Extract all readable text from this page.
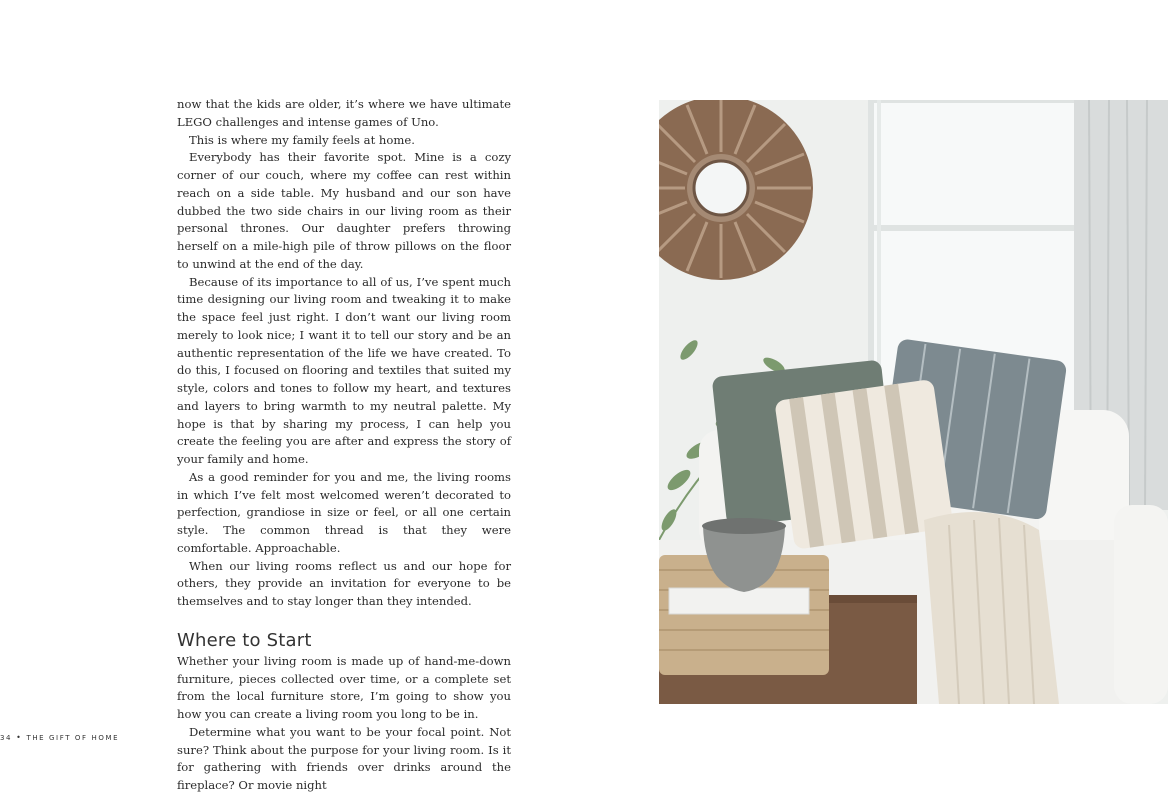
now that the kids are older, it’s where we have ultimate LEGO challenges and intense games of Uno.

This is where my family feels at home.

Everybody has their favorite spot. Mine is a cozy corner of our couch, where my coffee can rest within reach on a side table. My husband and our son have dubbed the two side chairs in our living room as their personal thrones. Our daughter prefers throwing herself on a mile-high pile of throw pillows on the floor to unwind at the end of the day.

Because of its importance to all of us, I’ve spent much time designing our living room and tweaking it to make the space feel just right. I don’t want our living room merely to look nice; I want it to tell our story and be an authentic representation of the life we have created. To do this, I focused on flooring and textiles that suited my style, colors and tones to follow my heart, and textures and layers to bring warmth to my neutral palette. My hope is that by sharing my process, I can help you create the feeling you are after and express the story of your family and home.

As a good reminder for you and me, the living rooms in which I’ve felt most welcomed weren’t decorated to perfection, grandiose in size or feel, or all one certain style. The common thread is that they were comfortable. Approachable.

When our living rooms reflect us and our hope for others, they provide an invitation for everyone to be themselves and to stay longer than they intended.

Where to Start

Whether your living room is made up of hand-me-down furniture, pieces collected over time, or a complete set from the local furniture store, I’m going to show you how you can create a living room you long to be in.

Determine what you want to be your focal point. Not sure? Think about the purpose for your living room. Is it for gathering with friends over drinks around the fireplace? Or movie night

34 • THE GIFT OF HOME
